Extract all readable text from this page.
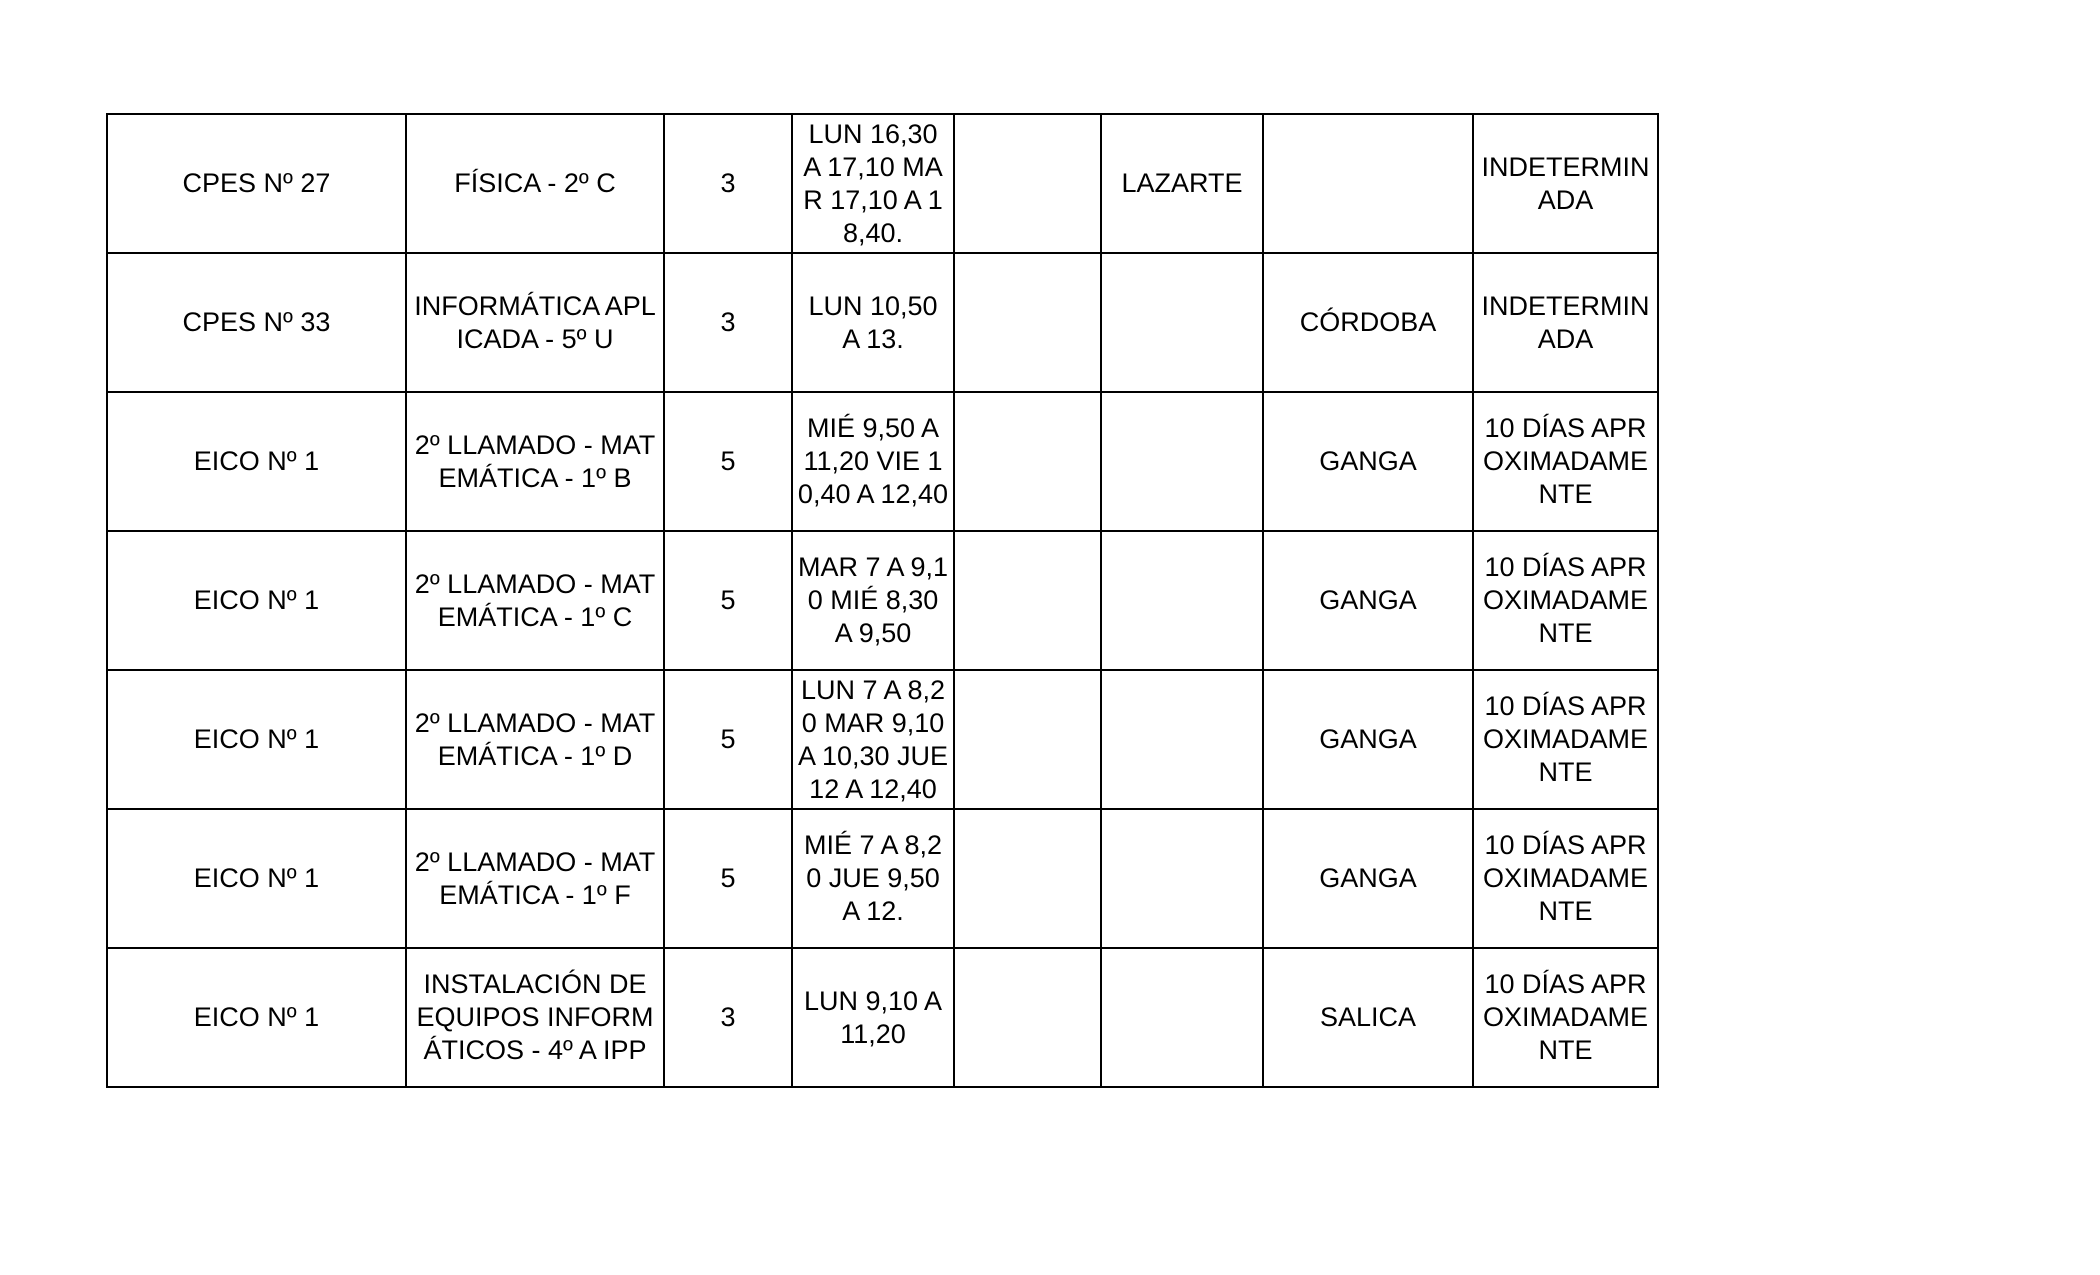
CPES Nº 27	FÍSICA - 2º C	3	LUN 16,30 A 17,10 MAR 17,10 A 18,40.		LAZARTE		INDETERMINADA
CPES Nº 33	INFORMÁTICA APLICADA - 5º U	3	LUN 10,50 A 13.			CÓRDOBA	INDETERMINADA
EICO Nº 1	2º LLAMADO - MATEMÁTICA - 1º B	5	MIÉ 9,50 A 11,20 VIE 10,40 A 12,40			GANGA	10 DÍAS APROXIMADAMENTE
EICO Nº 1	2º LLAMADO - MATEMÁTICA - 1º C	5	MAR 7 A 9,10 MIÉ 8,30 A 9,50			GANGA	10 DÍAS APROXIMADAMENTE
EICO Nº 1	2º LLAMADO - MATEMÁTICA - 1º D	5	LUN 7 A 8,20 MAR 9,10 A 10,30 JUE 12 A 12,40			GANGA	10 DÍAS APROXIMADAMENTE
EICO Nº 1	2º LLAMADO - MATEMÁTICA - 1º F	5	MIÉ 7 A 8,20 JUE 9,50 A 12.			GANGA	10 DÍAS APROXIMADAMENTE
EICO Nº 1	INSTALACIÓN DE EQUIPOS INFORMÁTICOS - 4º A IPP	3	LUN 9,10 A 11,20			SALICA	10 DÍAS APROXIMADAMENTE
